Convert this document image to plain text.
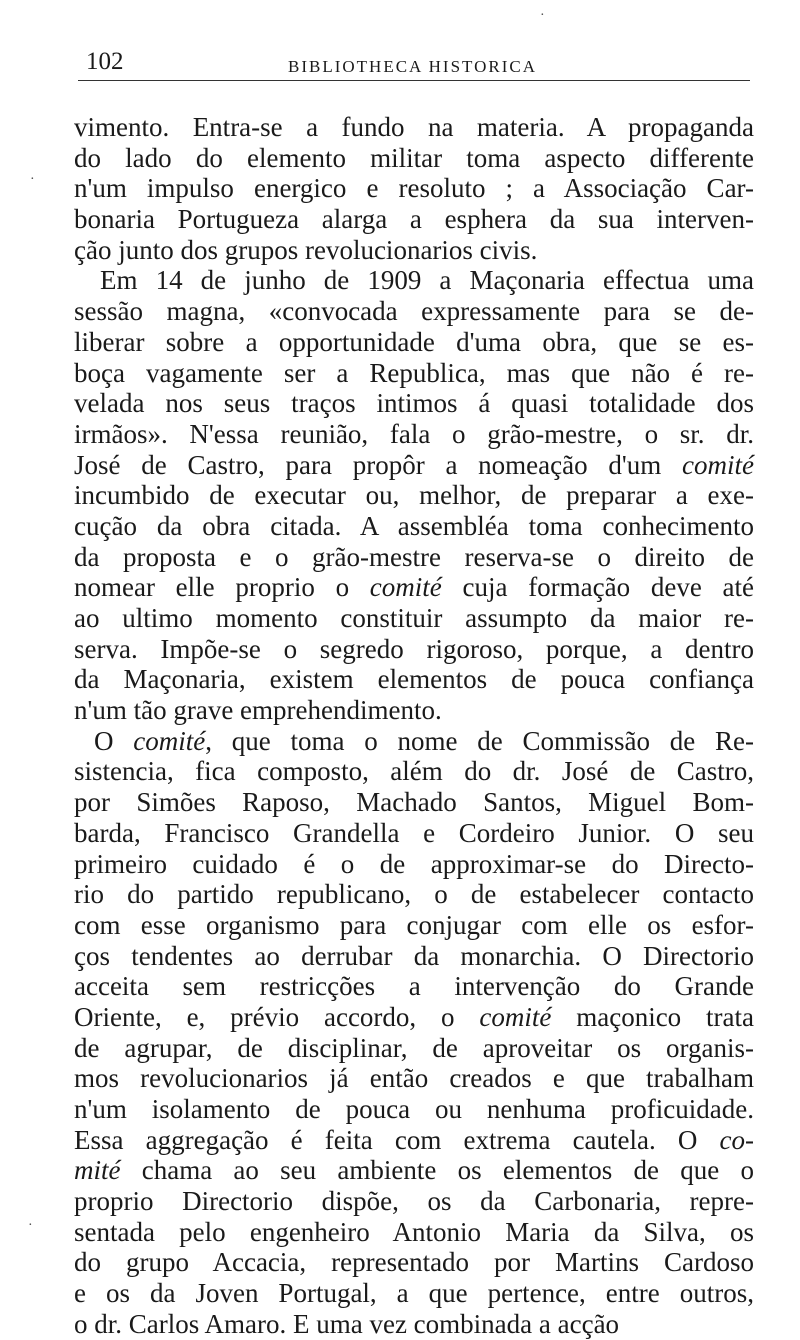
102	BIBLIOTHECA HISTORICA
·
·
·
vimento. Entra-se a fundo na materia. A propaganda
do lado do elemento militar toma aspecto differente
n'um impulso energico e resoluto ; a Associação Car-
bonaria Portugueza alarga a esphera da sua interven-
ção junto dos grupos revolucionarios civis.
Em 14 de junho de 1909 a Maçonaria effectua uma
sessão magna, «convocada expressamente para se de-
liberar sobre a opportunidade d'uma obra, que se es-
boça vagamente ser a Republica, mas que não é re-
velada nos seus traços intimos á quasi totalidade dos
irmãos». N'essa reunião, fala o grão-mestre, o sr. dr.
José de Castro, para propôr a nomeação d'um comité
incumbido de executar ou, melhor, de preparar a exe-
cução da obra citada. A assembléa toma conhecimento
da proposta e o grão-mestre reserva-se o direito de
nomear elle proprio o comité cuja formação deve até
ao ultimo momento constituir assumpto da maior re-
serva. Impõe-se o segredo rigoroso, porque, a dentro
da Maçonaria, existem elementos de pouca confiança
n'um tão grave emprehendimento.
O comité, que toma o nome de Commissão de Re-
sistencia, fica composto, além do dr. José de Castro,
por Simões Raposo, Machado Santos, Miguel Bom-
barda, Francisco Grandella e Cordeiro Junior. O seu
primeiro cuidado é o de approximar-se do Directo-
rio do partido republicano, o de estabelecer contacto
com esse organismo para conjugar com elle os esfor-
ços tendentes ao derrubar da monarchia. O Directorio
acceita sem restricções a intervenção do Grande
Oriente, e, prévio accordo, o comité maçonico trata
de agrupar, de disciplinar, de aproveitar os organis-
mos revolucionarios já então creados e que trabalham
n'um isolamento de pouca ou nenhuma proficuidade.
Essa aggregação é feita com extrema cautela. O co-
mité chama ao seu ambiente os elementos de que o
proprio Directorio dispõe, os da Carbonaria, repre-
sentada pelo engenheiro Antonio Maria da Silva, os
do grupo Accacia, representado por Martins Cardoso
e os da Joven Portugal, a que pertence, entre outros,
o dr. Carlos Amaro. E uma vez combinada a acção
